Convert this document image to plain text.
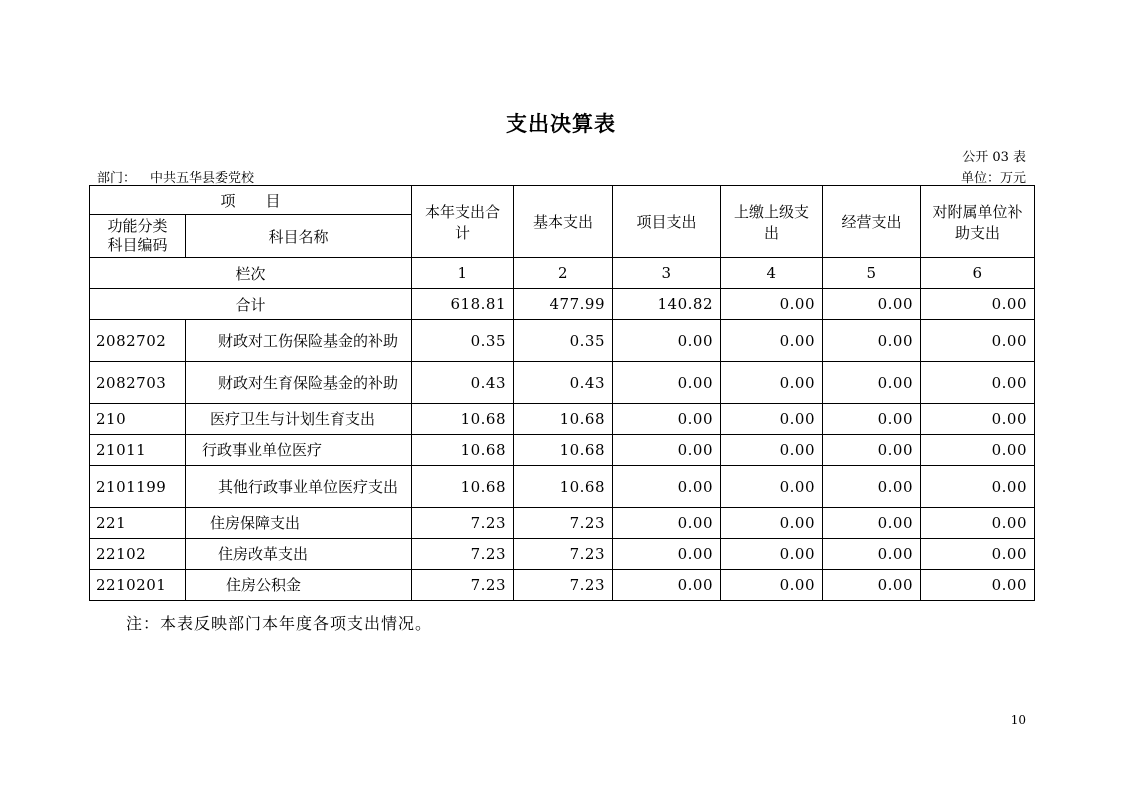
支出决算表
公开 03 表
部门： 中共五华县委党校	单位：万元
项　　目		本年支出合计	基本支出	项目支出	上缴上级支出	经营支出	对附属单位补助支出
功能分类
科目编码	科目名称						
栏次		1	2	3	4	5	6
合计		618.81	477.99	140.82	0.00	0.00	0.00
2082702	财政对工伤保险基金的补助	0.35	0.35	0.00	0.00	0.00	0.00
2082703	财政对生育保险基金的补助	0.43	0.43	0.00	0.00	0.00	0.00
210	医疗卫生与计划生育支出	10.68	10.68	0.00	0.00	0.00	0.00
21011	行政事业单位医疗	10.68	10.68	0.00	0.00	0.00	0.00
2101199	其他行政事业单位医疗支出	10.68	10.68	0.00	0.00	0.00	0.00
221	住房保障支出	7.23	7.23	0.00	0.00	0.00	0.00
22102	住房改革支出	7.23	7.23	0.00	0.00	0.00	0.00
2210201	住房公积金	7.23	7.23	0.00	0.00	0.00	0.00
注：本表反映部门本年度各项支出情况。
10
